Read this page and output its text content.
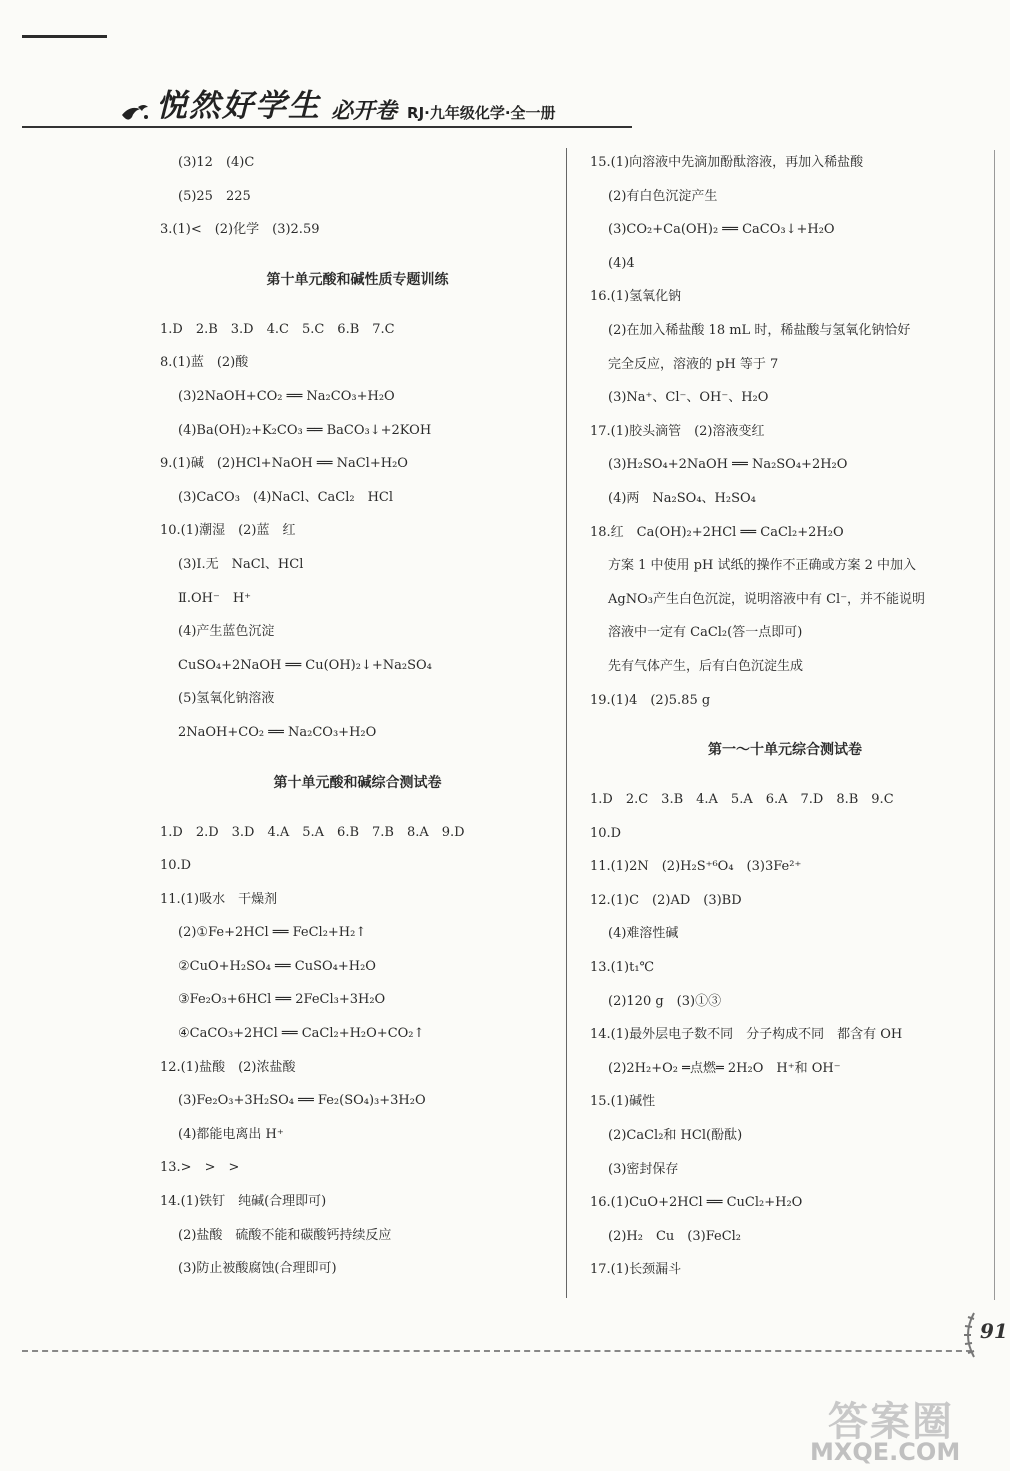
悦然好学生 必开卷 RJ·九年级化学·全一册
(3)12　(4)C
(5)25　225
3.(1)<　(2)化学　(3)2.59
第十单元酸和碱性质专题训练
1.D　2.B　3.D　4.C　5.C　6.B　7.C
8.(1)蓝　(2)酸
(3)2NaOH+CO₂ ══ Na₂CO₃+H₂O
(4)Ba(OH)₂+K₂CO₃ ══ BaCO₃↓+2KOH
9.(1)碱　(2)HCl+NaOH ══ NaCl+H₂O
(3)CaCO₃　(4)NaCl、CaCl₂　HCl
10.(1)潮湿　(2)蓝　红
(3)Ⅰ.无　NaCl、HCl
Ⅱ.OH⁻　H⁺
(4)产生蓝色沉淀
CuSO₄+2NaOH ══ Cu(OH)₂↓+Na₂SO₄
(5)氢氧化钠溶液
2NaOH+CO₂ ══ Na₂CO₃+H₂O
第十单元酸和碱综合测试卷
1.D　2.D　3.D　4.A　5.A　6.B　7.B　8.A　9.D
10.D
11.(1)吸水　干燥剂
(2)①Fe+2HCl ══ FeCl₂+H₂↑
②CuO+H₂SO₄ ══ CuSO₄+H₂O
③Fe₂O₃+6HCl ══ 2FeCl₃+3H₂O
④CaCO₃+2HCl ══ CaCl₂+H₂O+CO₂↑
12.(1)盐酸　(2)浓盐酸
(3)Fe₂O₃+3H₂SO₄ ══ Fe₂(SO₄)₃+3H₂O
(4)都能电离出 H⁺
13.>　>　>
14.(1)铁钉　纯碱(合理即可)
(2)盐酸　硫酸不能和碳酸钙持续反应
(3)防止被酸腐蚀(合理即可)
15.(1)向溶液中先滴加酚酞溶液，再加入稀盐酸
(2)有白色沉淀产生
(3)CO₂+Ca(OH)₂ ══ CaCO₃↓+H₂O
(4)4
16.(1)氢氧化钠
(2)在加入稀盐酸 18 mL 时，稀盐酸与氢氧化钠恰好
完全反应，溶液的 pH 等于 7
(3)Na⁺、Cl⁻、OH⁻、H₂O
17.(1)胶头滴管　(2)溶液变红
(3)H₂SO₄+2NaOH ══ Na₂SO₄+2H₂O
(4)两　Na₂SO₄、H₂SO₄
18.红　Ca(OH)₂+2HCl ══ CaCl₂+2H₂O
方案 1 中使用 pH 试纸的操作不正确或方案 2 中加入
AgNO₃产生白色沉淀，说明溶液中有 Cl⁻，并不能说明
溶液中一定有 CaCl₂(答一点即可)
先有气体产生，后有白色沉淀生成
19.(1)4　(2)5.85 g
第一～十单元综合测试卷
1.D　2.C　3.B　4.A　5.A　6.A　7.D　8.B　9.C
10.D
11.(1)2N　(2)H₂S⁺⁶O₄　(3)3Fe²⁺
12.(1)C　(2)AD　(3)BD
(4)难溶性碱
13.(1)t₁℃
(2)120 g　(3)①③
14.(1)最外层电子数不同　分子构成不同　都含有 OH
(2)2H₂+O₂ ═点燃═ 2H₂O　H⁺和 OH⁻
15.(1)碱性
(2)CaCl₂和 HCl(酚酞)
(3)密封保存
16.(1)CuO+2HCl ══ CuCl₂+H₂O
(2)H₂　Cu　(3)FeCl₂
17.(1)长颈漏斗
91
答案圈
MXQE.COM
